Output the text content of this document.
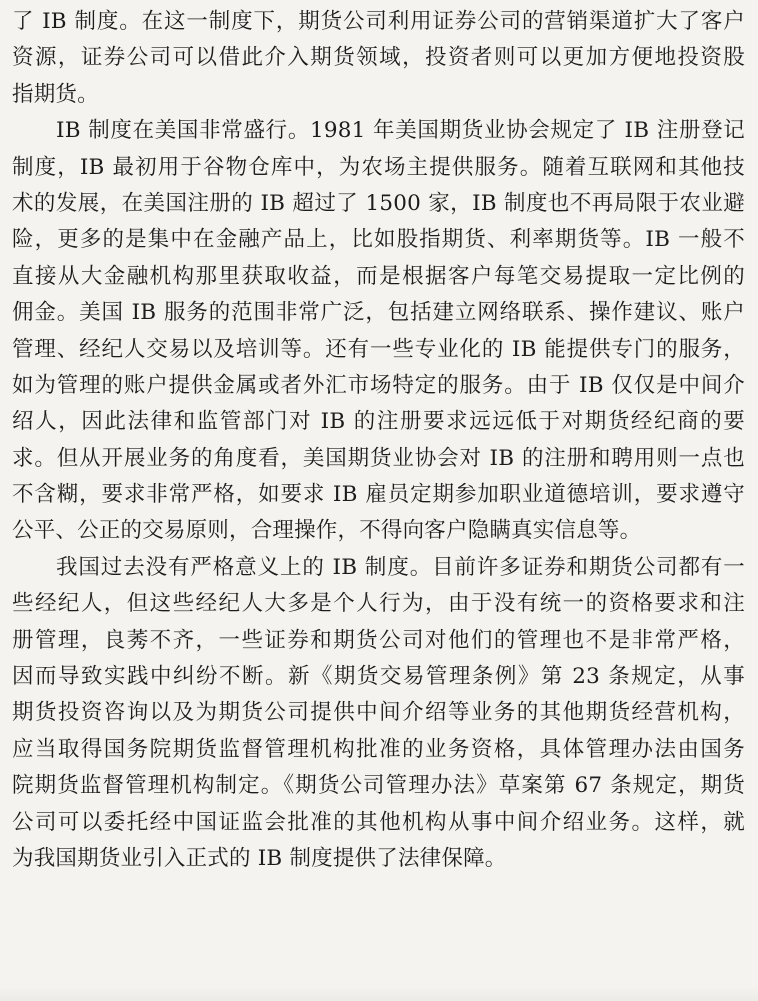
了 IB 制度。在这一制度下，期货公司利用证券公司的营销渠道扩大了客户
资源，证券公司可以借此介入期货领域，投资者则可以更加方便地投资股
指期货。
IB 制度在美国非常盛行。1981 年美国期货业协会规定了 IB 注册登记
制度，IB 最初用于谷物仓库中，为农场主提供服务。随着互联网和其他技
术的发展，在美国注册的 IB 超过了 1500 家，IB 制度也不再局限于农业避
险，更多的是集中在金融产品上，比如股指期货、利率期货等。IB 一般不
直接从大金融机构那里获取收益，而是根据客户每笔交易提取一定比例的
佣金。美国 IB 服务的范围非常广泛，包括建立网络联系、操作建议、账户
管理、经纪人交易以及培训等。还有一些专业化的 IB 能提供专门的服务，
如为管理的账户提供金属或者外汇市场特定的服务。由于 IB 仅仅是中间介
绍人，因此法律和监管部门对 IB 的注册要求远远低于对期货经纪商的要
求。但从开展业务的角度看，美国期货业协会对 IB 的注册和聘用则一点也
不含糊，要求非常严格，如要求 IB 雇员定期参加职业道德培训，要求遵守
公平、公正的交易原则，合理操作，不得向客户隐瞒真实信息等。
我国过去没有严格意义上的 IB 制度。目前许多证券和期货公司都有一
些经纪人，但这些经纪人大多是个人行为，由于没有统一的资格要求和注
册管理，良莠不齐，一些证券和期货公司对他们的管理也不是非常严格，
因而导致实践中纠纷不断。新《期货交易管理条例》第 23 条规定，从事
期货投资咨询以及为期货公司提供中间介绍等业务的其他期货经营机构，
应当取得国务院期货监督管理机构批准的业务资格，具体管理办法由国务
院期货监督管理机构制定。《期货公司管理办法》草案第 67 条规定，期货
公司可以委托经中国证监会批准的其他机构从事中间介绍业务。这样，就
为我国期货业引入正式的 IB 制度提供了法律保障。
